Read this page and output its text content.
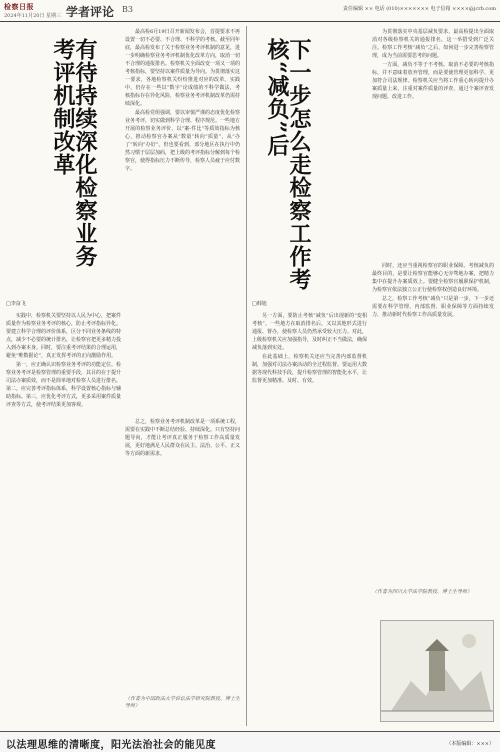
检察日报
2024年11月20日 星期三 学者评论 B3	责任编辑 ×× 电话 (010)××××××× 电子信箱 ××××@jcrb.com
有待持续深化检察业务考评机制改革

最高检6月19日召开新闻发布会，首提要求不再设置一切不必要、不合理、不科学的考核。截至同年底，最高检发布了关于检察业务考评机制的意见，进一步明确检察业务考评机制优化改革方向，取消一切不合理的通报排名。检察机关全面改变一项又一项的考核指标，要坚持以案件质量为导向。为贯彻落实这一要求，各地检察机关纷纷推进对应的改革。实践中，仍存在一些以“数字”论成绩的不科学做法，考核指标存在异化风险，检察业务考评机制改革仍需持续深化。

最高检党组强调，要以审慎严谨的态度优化检察业务考评，切实做到科学合理、程序规范。一些地方开展的检察业务评价，以“案-件比”等质效指标为核心，推动检察官办案从“数量”转向“质量”，从“办了”转向“办好”。但也要看到，部分地区在执行中仍然习惯于层层加码，把上级的考评指标分解到每个检察官，使得指标压力不断传导，检察人员疲于应付数字。

□李奋飞

实践中，检察机关要坚持以人民为中心，把案件质量作为检察业务考评的核心，防止考评指标异化。要建立科学合理的评价体系，区分不同业务条线的特点，减少不必要的统计排名，让检察官把更多精力投入到办案本身。同时，要注重考评结果的合理运用，避免“唯数据论”，真正发挥考评的正向激励作用。

第一，应正确认识检察业务考评的功能定位。检察业务考评是检察管理的重要手段，其目的在于提升司法办案质效，而不是简单地对检察人员进行排名。第二，应完善考评指标体系，科学设置核心指标与辅助指标。第三，应优化考评方式，更多采用案件质量评查等方式，使考评结果更加客观。

总之，检察业务考评机制改革是一项系统工程，需要在实践中不断总结经验、持续深化。只有坚持问题导向，才能让考评真正服务于检察工作高质量发展，更好地满足人民群众在民主、法治、公平、正义等方面的新需求。

（作者为中国政法大学诉讼法学研究院教授、博士生导师）
下一步怎么走检察工作考核“减负”后

为贯彻落实中央基层减负要求，最高检提出全面取消对各级检察机关的通报排名，这一举措受到广泛关注。检察工作考核“减负”之后，如何进一步完善检察管理，成为当前需要思考的问题。

一方面，减负不等于不考核。取消不必要的考核指标，并不意味着放弃管理，而是要使管理更加科学、更加符合司法规律。检察机关应当将工作重心转向提升办案质量上来，注重对案件质量的评查，通过个案评查发现问题、改进工作。

□韩旭

另一方面，要防止考核“减负”后出现新的“变相考核”。一些地方在取消排名后，又以其他形式进行通报、督办，使检察人员仍然承受较大压力。对此，上级检察机关应加强指导，及时纠正不当做法，确保减负落到实处。

在此基础上，检察机关还应当完善内部监督机制，加强对司法办案活动的全过程监督。要运用大数据等现代科技手段，提升检察管理的智能化水平，让监督更加精准、及时、有效。

同时，还应当重视检察官的职业保障。考核减负的最终目的，是要让检察官能够心无旁骛地办案，把精力集中在提升办案质效上。要健全检察官履职保护机制，为检察官依法独立公正行使检察权创造良好环境。

总之，检察工作考核“减负”只是第一步，下一步还需要在科学管理、内部监督、职业保障等方面持续发力，推动新时代检察工作高质量发展。

（作者为四川大学法学院教授、博士生导师）
以法理思维的清晰度，阳光法治社会的能见度	（本版编辑：×××）
